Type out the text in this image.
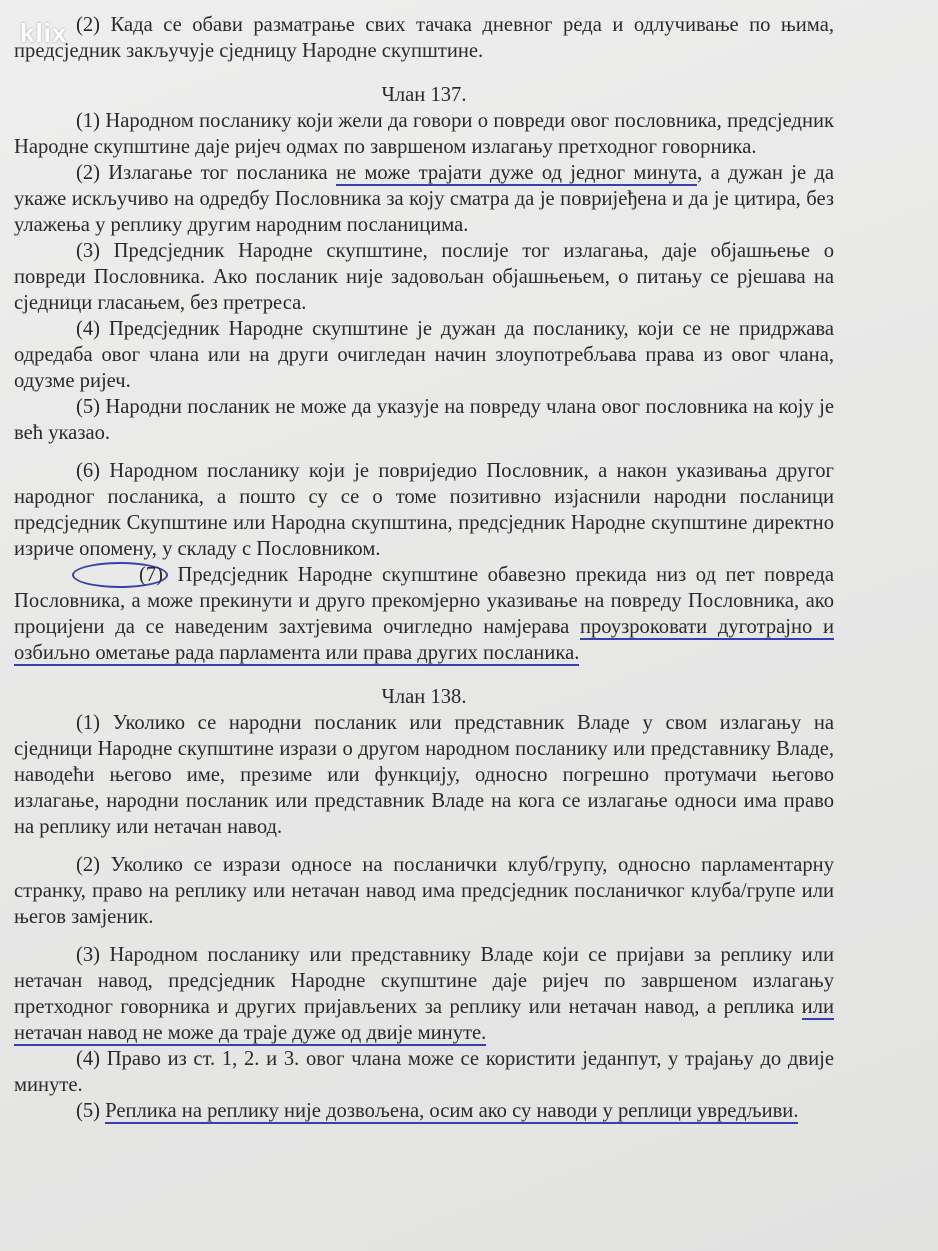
klix (2) Када се обави разматрање свих тачака дневног реда и одлучивање по њима, предсједник закључује сједницу Народне скупштине.

Члан 137.

(1) Народном посланику који жели да говори о повреди овог пословника, предсједник Народне скупштине даје ријеч одмах по завршеном излагању претходног говорника.

(2) Излагање тог посланика не може трајати дуже од једног минута, а дужан је да укаже искључиво на одредбу Пословника за коју сматра да је повријеђена и да је цитира, без улажења у реплику другим народним посланицима.

(3) Предсједник Народне скупштине, послије тог излагања, даје објашњење о повреди Пословника. Ако посланик није задовољан објашњењем, о питању се рјешава на сједници гласањем, без претреса.

(4) Предсједник Народне скупштине је дужан да посланику, који се не придржава одредаба овог члана или на други очигледан начин злоупотребљава права из овог члана, одузме ријеч.

(5) Народни посланик не може да указује на повреду члана овог пословника на коју је већ указао.

(6) Народном посланику који је повриједио Пословник, а након указивања другог народног посланика, а пошто су се о томе позитивно изјаснили народни посланици предсједник Скупштине или Народна скупштина, предсједник Народне скупштине директно изриче опомену, у складу с Пословником.

(7) Предсједник Народне скупштине обавезно прекида низ од пет повреда Пословника, а може прекинути и друго прекомјерно указивање на повреду Пословника, ако процијени да се наведеним захтјевима очигледно намјерава проузроковати дуготрајно и озбиљно ометање рада парламента или права других посланика.

Члан 138.

(1) Уколико се народни посланик или представник Владе у свом излагању на сједници Народне скупштине изрази о другом народном посланику или представнику Владе, наводећи његово име, презиме или функцију, односно погрешно протумачи његово излагање, народни посланик или представник Владе на кога се излагање односи има право на реплику или нетачан навод.

(2) Уколико се изрази односе на посланички клуб/групу, односно парламентарну странку, право на реплику или нетачан навод има предсједник посланичког клуба/групе или његов замјеник.

(3) Народном посланику или представнику Владе који се пријави за реплику или нетачан навод, предсједник Народне скупштине даје ријеч по завршеном излагању претходног говорника и других пријављених за реплику или нетачан навод, а реплика или нетачан навод не може да траје дуже од двије минуте.

(4) Право из ст. 1, 2. и 3. овог члана може се користити једанпут, у трајању до двије минуте.

(5) Реплика на реплику није дозвољена, осим ако су наводи у реплици увредљиви.
